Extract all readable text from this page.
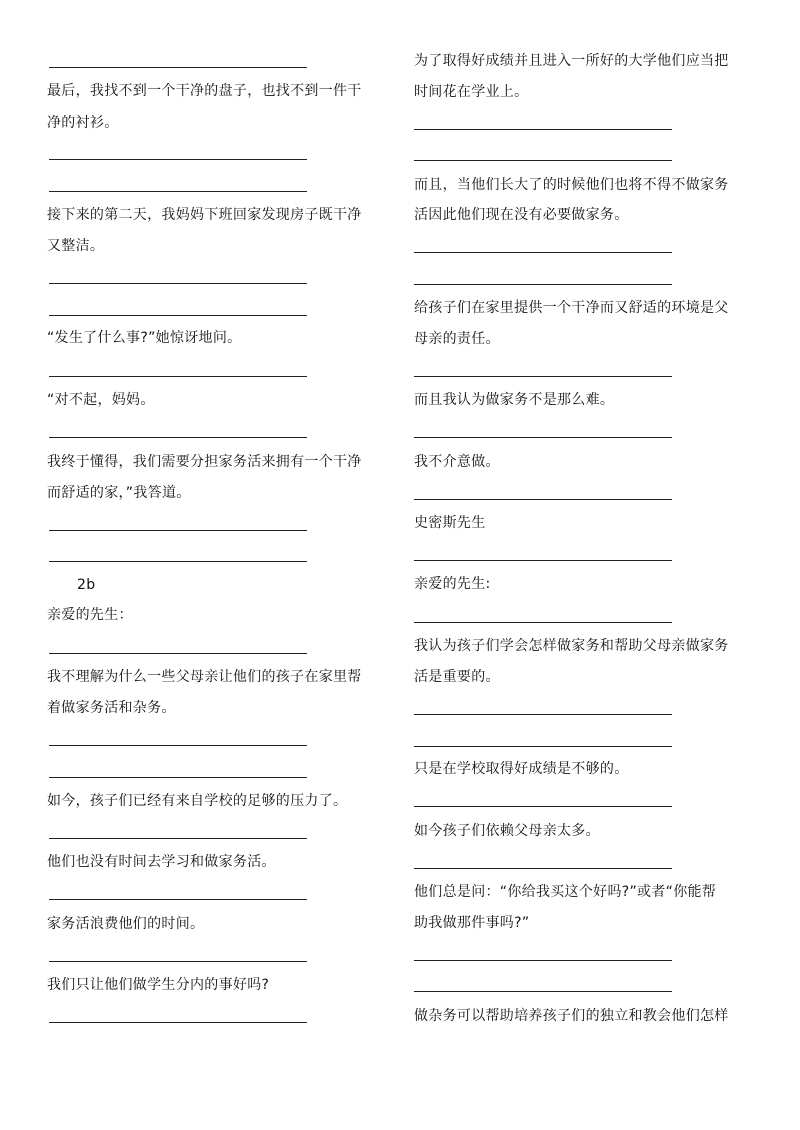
最后，我找不到一个干净的盘子，也找不到一件干
净的衬衫。
接下来的第二天，我妈妈下班回家发现房子既干净
又整洁。
“发生了什么事?”她惊讶地问。
“对不起，妈妈。
我终于懂得，我们需要分担家务活来拥有一个干净
而舒适的家，”我答道。
2b
亲爱的先生：
我不理解为什么一些父母亲让他们的孩子在家里帮
着做家务活和杂务。
如今，孩子们已经有来自学校的足够的压力了。
他们也没有时间去学习和做家务活。
家务活浪费他们的时间。
我们只让他们做学生分内的事好吗?
为了取得好成绩并且进入一所好的大学他们应当把
时间花在学业上。
而且，当他们长大了的时候他们也将不得不做家务
活因此他们现在没有必要做家务。
给孩子们在家里提供一个干净而又舒适的环境是父
母亲的责任。
而且我认为做家务不是那么难。
我不介意做。
史密斯先生
亲爱的先生:
我认为孩子们学会怎样做家务和帮助父母亲做家务
活是重要的。
只是在学校取得好成绩是不够的。
如今孩子们依赖父母亲太多。
他们总是问：“你给我买这个好吗?”或者“你能帮
助我做那件事吗?”
做杂务可以帮助培养孩子们的独立和教会他们怎样
